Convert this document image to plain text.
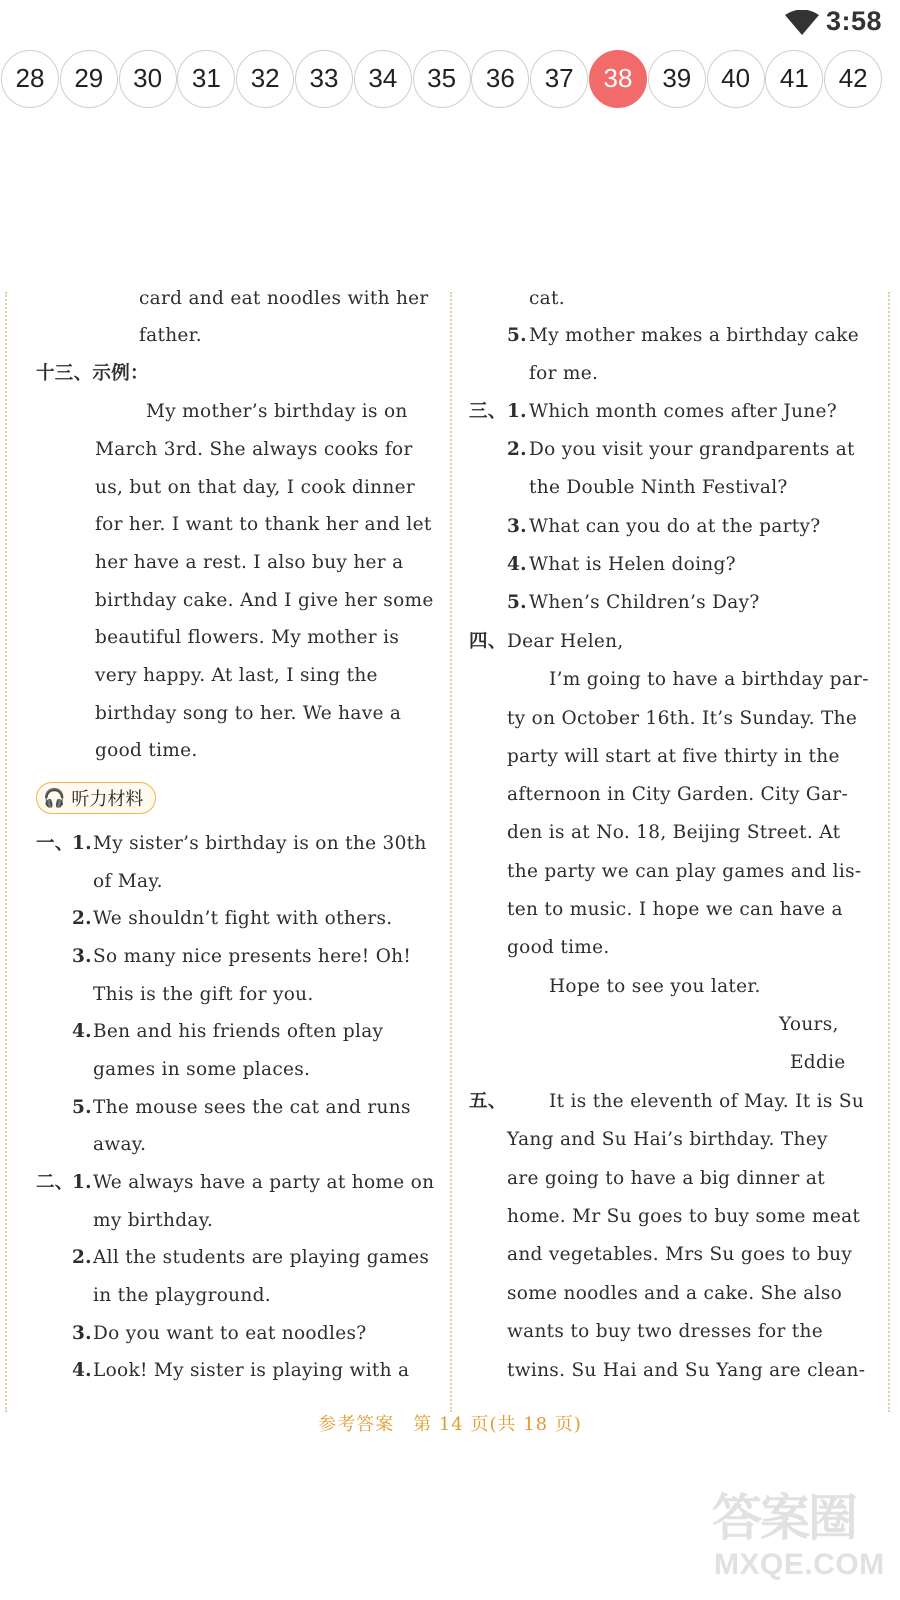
3:58
28	29	30	31	32	33	34	35	36	37	38	39	40	41	42
card and eat noodles with her
father.
十三、示例：
My mother’s birthday is on
March 3rd. She always cooks for
us, but on that day, I cook dinner
for her. I want to thank her and let
her have a rest. I also buy her a
birthday cake. And I give her some
beautiful flowers. My mother is
very happy. At last, I sing the
birthday song to her. We have a
good time.
🎧 听力材料
一、
1. My sister’s birthday is on the 30th
of May.
2. We shouldn’t fight with others.
3. So many nice presents here! Oh!
This is the gift for you.
4. Ben and his friends often play
games in some places.
5. The mouse sees the cat and runs
away.
二、
1. We always have a party at home on
my birthday.
2. All the students are playing games
in the playground.
3. Do you want to eat noodles?
4. Look! My sister is playing with a
cat.
5. My mother makes a birthday cake
for me.
三、 1. Which month comes after June?
2. Do you visit your grandparents at
the Double Ninth Festival?
3. What can you do at the party?
4. What is Helen doing?
5. When’s Children’s Day?
四、 Dear Helen,
I’m going to have a birthday par-
ty on October 16th. It’s Sunday. The
party will start at five thirty in the
afternoon in City Garden. City Gar-
den is at No. 18, Beijing Street. At
the party we can play games and lis-
ten to music. I hope we can have a
good time.
Hope to see you later.
Yours,
Eddie
五、 It is the eleventh of May. It is Su
Yang and Su Hai’s birthday. They
are going to have a big dinner at
home. Mr Su goes to buy some meat
and vegetables. Mrs Su goes to buy
some noodles and a cake. She also
wants to buy two dresses for the
twins. Su Hai and Su Yang are clean-
参考答案　第 14 页(共 18 页)
答案圈
MXQE.COM
